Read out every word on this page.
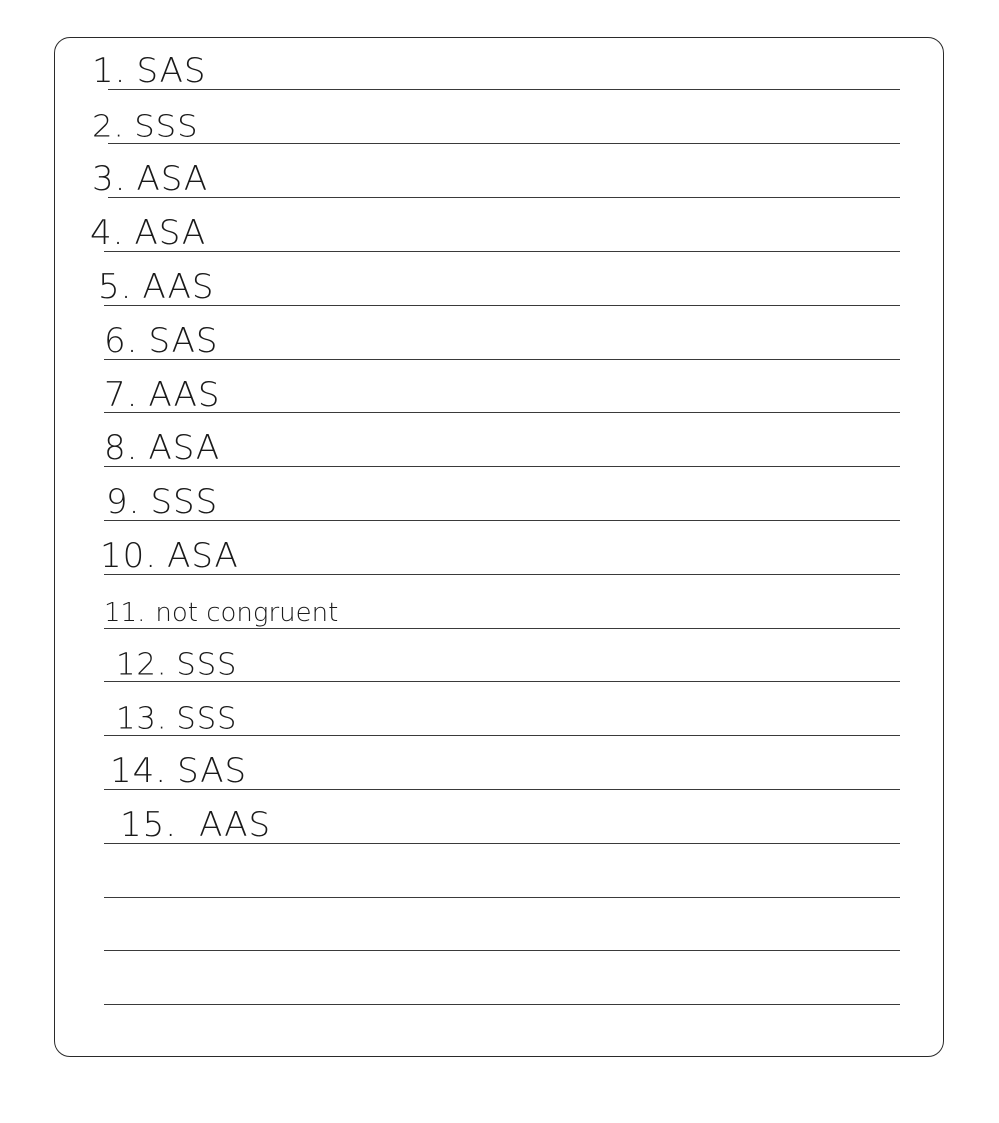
1. SAS
2. SSS
3. ASA
4. ASA
5. AAS
6. SAS
7. AAS
8. ASA
9. SSS
10. ASA
11. not congruent
12. SSS
13. SSS
14. SAS
15. AAS
